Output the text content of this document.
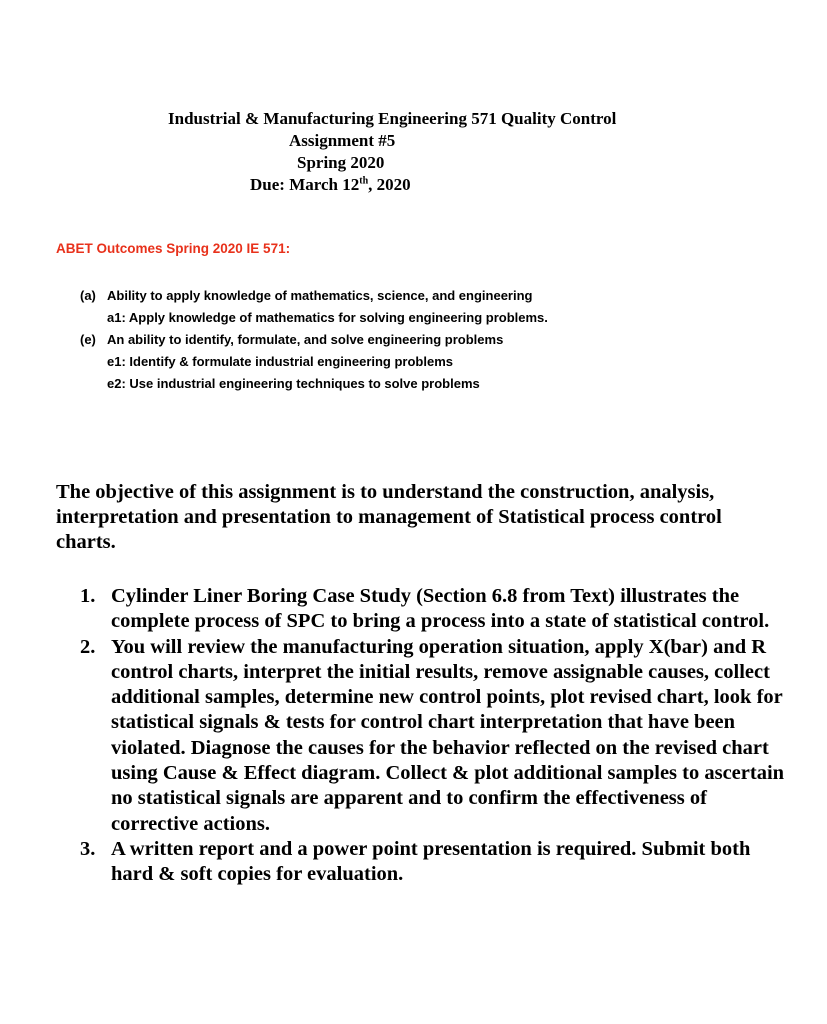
Industrial & Manufacturing Engineering 571 Quality Control
Assignment #5
Spring 2020
Due: March 12th, 2020
ABET Outcomes Spring 2020 IE 571:
(a) Ability to apply knowledge of mathematics, science, and engineering
a1: Apply knowledge of mathematics for solving engineering problems.
(e) An ability to identify, formulate, and solve engineering problems
e1: Identify & formulate industrial engineering problems
e2: Use industrial engineering techniques to solve problems

The objective of this assignment is to understand the construction, analysis, interpretation and presentation to management of Statistical process control charts.

1. Cylinder Liner Boring Case Study (Section 6.8 from Text) illustrates the complete process of SPC to bring a process into a state of statistical control.
2. You will review the manufacturing operation situation, apply X(bar) and R control charts, interpret the initial results, remove assignable causes, collect additional samples, determine new control points, plot revised chart, look for statistical signals & tests for control chart interpretation that have been violated. Diagnose the causes for the behavior reflected on the revised chart using Cause & Effect diagram. Collect & plot additional samples to ascertain no statistical signals are apparent and to confirm the effectiveness of corrective actions.
3. A written report and a power point presentation is required. Submit both hard & soft copies for evaluation.
